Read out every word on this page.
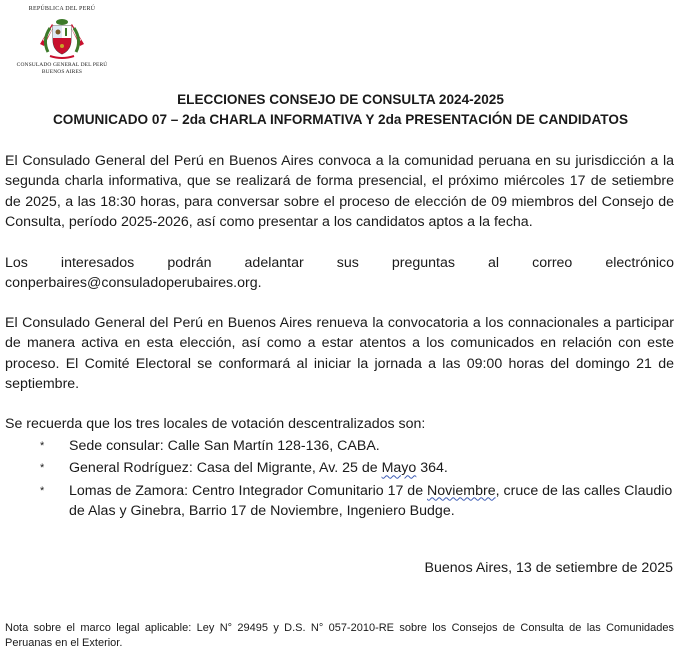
REPÚBLICA DEL PERÚ
CONSULADO GENERAL DEL PERÚ
BUENOS AIRES
ELECCIONES CONSEJO DE CONSULTA 2024-2025
COMUNICADO 07 – 2da CHARLA INFORMATIVA Y 2da PRESENTACIÓN DE CANDIDATOS
El Consulado General del Perú en Buenos Aires convoca a la comunidad peruana en su jurisdicción a la segunda charla informativa, que se realizará de forma presencial, el próximo miércoles 17 de setiembre de 2025, a las 18:30 horas, para conversar sobre el proceso de elección de 09 miembros del Consejo de Consulta, período 2025-2026, así como presentar a los candidatos aptos a la fecha.
Los interesados podrán adelantar sus preguntas al correo electrónico conperbaires@consuladoperubaires.org.
El Consulado General del Perú en Buenos Aires renueva la convocatoria a los connacionales a participar de manera activa en esta elección, así como a estar atentos a los comunicados en relación con este proceso. El Comité Electoral se conformará al iniciar la jornada a las 09:00 horas del domingo 21 de septiembre.
Se recuerda que los tres locales de votación descentralizados son:
* Sede consular: Calle San Martín 128-136, CABA.
* General Rodríguez: Casa del Migrante, Av. 25 de Mayo 364.
* Lomas de Zamora: Centro Integrador Comunitario 17 de Noviembre, cruce de las calles Claudio de Alas y Ginebra, Barrio 17 de Noviembre, Ingeniero Budge.
Buenos Aires, 13 de setiembre de 2025
Nota sobre el marco legal aplicable: Ley N° 29495 y D.S. N° 057-2010-RE sobre los Consejos de Consulta de las Comunidades Peruanas en el Exterior.
